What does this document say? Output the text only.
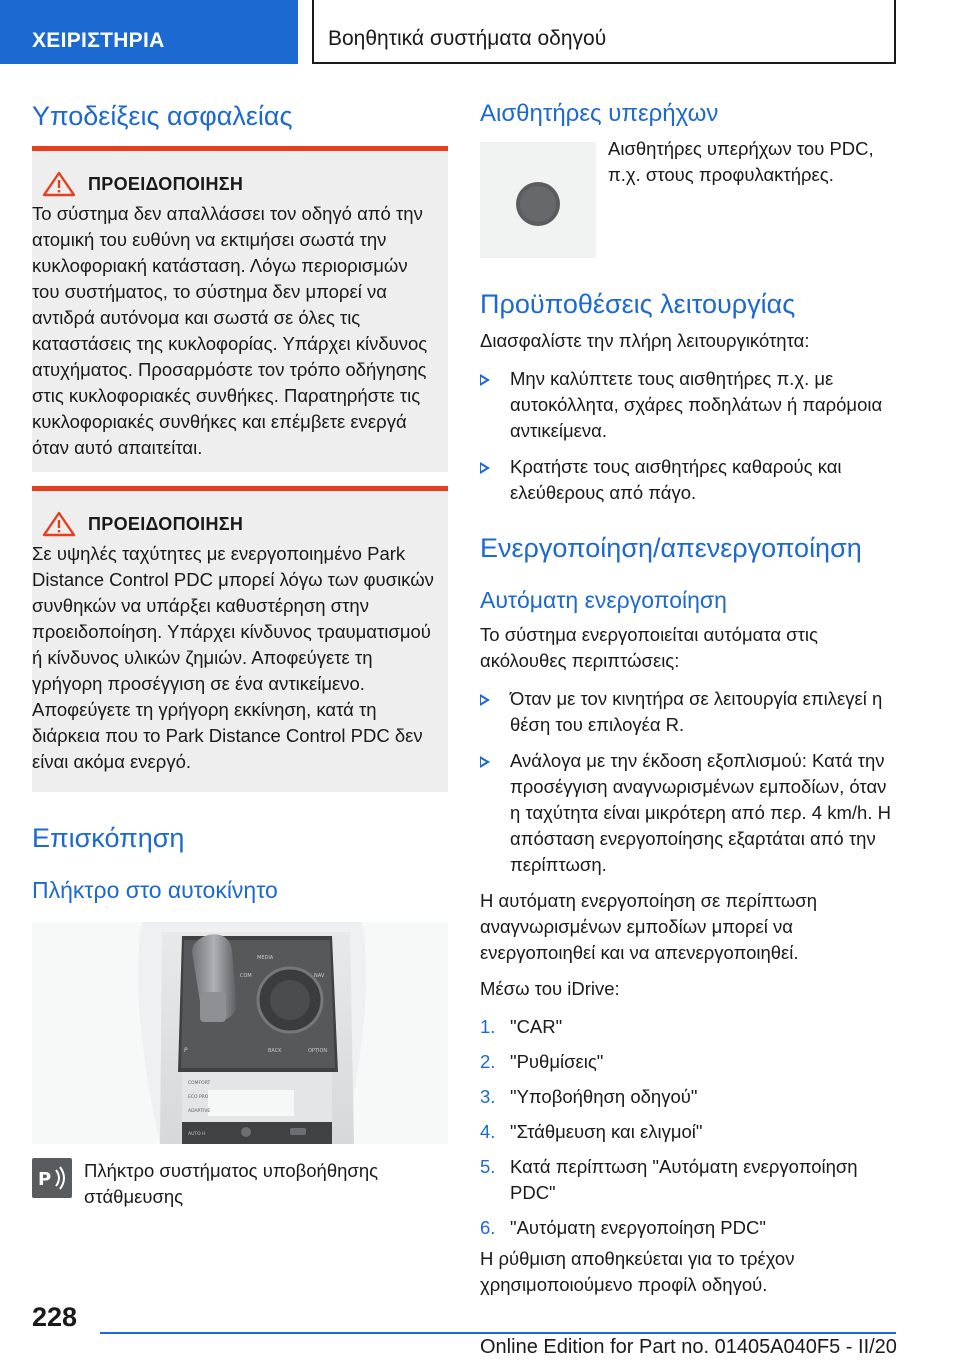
ΧΕΙΡΙΣΤΗΡΙΑ	Βοηθητικά συστήματα οδηγού
Υποδείξεις ασφαλείας
ΠΡΟΕΙΔΟΠΟΙΗΣΗ

Το σύστημα δεν απαλλάσσει τον οδηγό από την ατομική του ευθύνη να εκτιμήσει σωστά την κυκλοφοριακή κατάσταση. Λόγω περιορισμών του συστήματος, το σύστημα δεν μπορεί να αντιδρά αυτόνομα και σωστά σε όλες τις καταστάσεις της κυκλοφορίας. Υπάρχει κίνδυνος ατυχήματος. Προσαρμόστε τον τρόπο οδήγησης στις κυκλοφοριακές συνθήκες. Παρατηρήστε τις κυκλοφοριακές συνθήκες και επέμβετε ενεργά όταν αυτό απαιτείται.

ΠΡΟΕΙΔΟΠΟΙΗΣΗ

Σε υψηλές ταχύτητες με ενεργοποιημένο Park Distance Control PDC μπορεί λόγω των φυσικών συνθηκών να υπάρξει καθυστέρηση στην προειδοποίηση. Υπάρχει κίνδυνος τραυματισμού ή κίνδυνος υλικών ζημιών. Αποφεύγετε τη γρήγορη προσέγγιση σε ένα αντικείμενο. Αποφεύγετε τη γρήγορη εκκίνηση, κατά τη διάρκεια που το Park Distance Control PDC δεν είναι ακόμα ενεργό.

Επισκόπηση
Πλήκτρο στο αυτοκίνητο
MEDIA
COM	NAV
BACK	OPTION
P
COMFORT
ECO PRO
ADAPTIVE
AUTO H
P Πλήκτρο συστήματος υποβοήθησης στάθμευσης

Αισθητήρες υπερήχων

Αισθητήρες υπερήχων του PDC, π.χ. στους προφυλακτήρες.

Προϋποθέσεις λειτουργίας

Διασφαλίστε την πλήρη λειτουργικότητα:

Μην καλύπτετε τους αισθητήρες π.χ. με αυτοκόλλητα, σχάρες ποδηλάτων ή παρόμοια αντικείμενα.
Κρατήστε τους αισθητήρες καθαρούς και ελεύθερους από πάγο.
Ενεργοποίηση/απενεργοποίηση
Αυτόματη ενεργοποίηση

Το σύστημα ενεργοποιείται αυτόματα στις ακόλουθες περιπτώσεις:

Όταν με τον κινητήρα σε λειτουργία επιλεγεί η θέση του επιλογέα R.
Ανάλογα με την έκδοση εξοπλισμού: Κατά την προσέγγιση αναγνωρισμένων εμποδίων, όταν η ταχύτητα είναι μικρότερη από περ. 4 km/h. Η απόσταση ενεργοποίησης εξαρτάται από την περίπτωση.

Η αυτόματη ενεργοποίηση σε περίπτωση αναγνωρισμένων εμποδίων μπορεί να ενεργοποιηθεί και να απενεργοποιηθεί.

Μέσω του iDrive:

1. "CAR"
2. "Ρυθμίσεις"
3. "Υποβοήθηση οδηγού"
4. "Στάθμευση και ελιγμοί"
5. Κατά περίπτωση "Αυτόματη ενεργοποίηση PDC"
6. "Αυτόματη ενεργοποίηση PDC"

Η ρύθμιση αποθηκεύεται για το τρέχον χρησιμοποιούμενο προφίλ οδηγού.

228
Online Edition for Part no. 01405A040F5 - II/20
